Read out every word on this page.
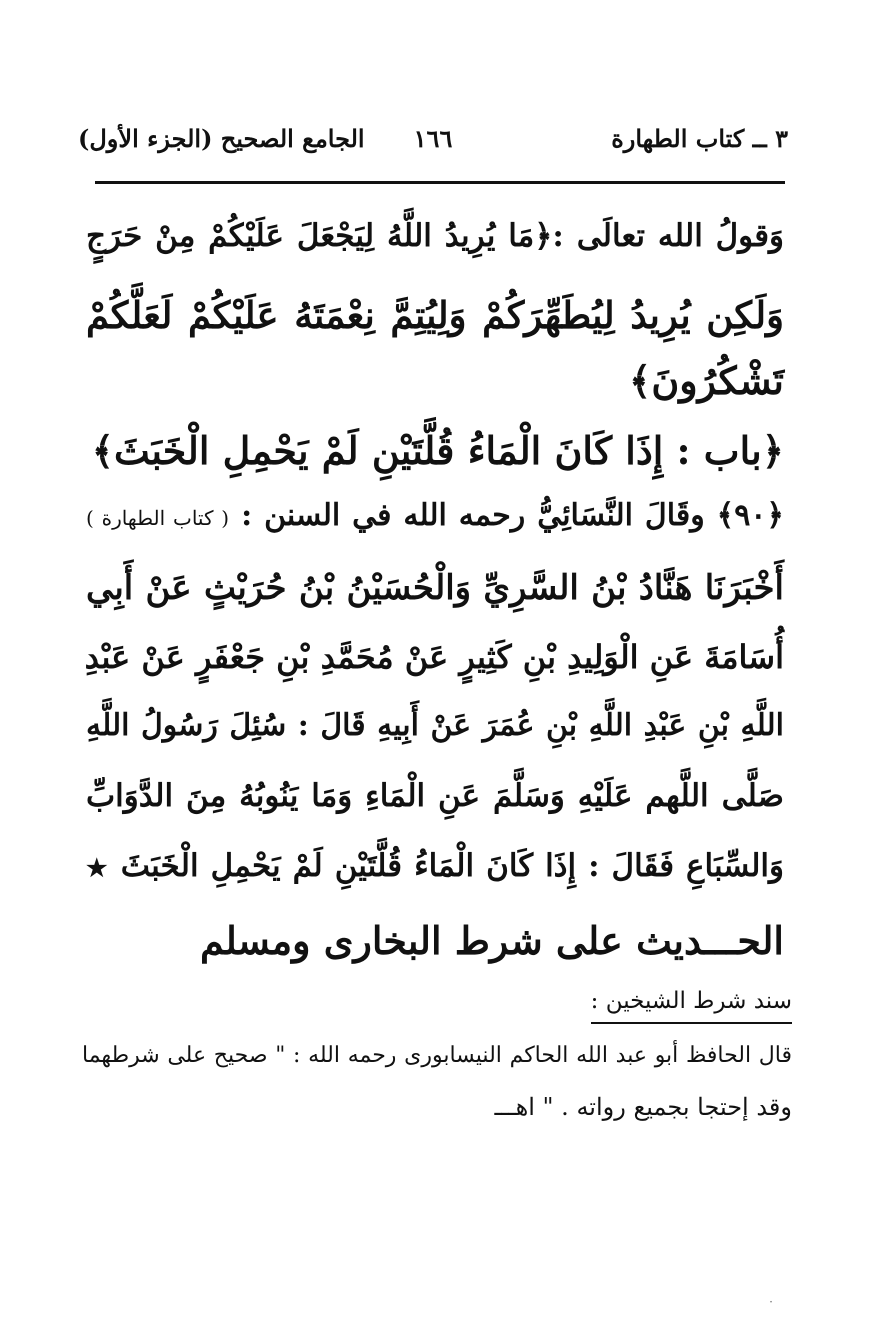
٣ ــ كتاب الطهارة
١٦٦
الجامع الصحيح (الجزء الأول)
وَقولُ الله تعالَى :﴿مَا يُرِيدُ اللَّهُ لِيَجْعَلَ عَلَيْكُمْ مِنْ حَرَجٍ
وَلَكِن يُرِيدُ لِيُطَهِّرَكُمْ وَلِيُتِمَّ نِعْمَتَهُ عَلَيْكُمْ لَعَلَّكُمْ
تَشْكُرُونَ﴾
﴿باب : إِذَا كَانَ الْمَاءُ قُلَّتَيْنِ لَمْ يَحْمِلِ الْخَبَثَ﴾
﴿٩٠﴾ وقَالَ النَّسَائِيُّ رحمه الله في السنن : ( كتاب الطهارة )
أَخْبَرَنَا هَنَّادُ بْنُ السَّرِيِّ وَالْحُسَيْنُ بْنُ حُرَيْثٍ عَنْ أَبِي
أُسَامَةَ عَنِ الْوَلِيدِ بْنِ كَثِيرٍ عَنْ مُحَمَّدِ بْنِ جَعْفَرٍ عَنْ عَبْدِ
اللَّهِ بْنِ عَبْدِ اللَّهِ بْنِ عُمَرَ عَنْ أَبِيهِ قَالَ : سُئِلَ رَسُولُ اللَّهِ
صَلَّى اللَّهم عَلَيْهِ وَسَلَّمَ عَنِ الْمَاءِ وَمَا يَنُوبُهُ مِنَ الدَّوَابِّ
وَالسِّبَاعِ فَقَالَ : إِذَا كَانَ الْمَاءُ قُلَّتَيْنِ لَمْ يَحْمِلِ الْخَبَثَ ★
الحـــديث على شرط البخارى ومسلم
سند شرط الشيخين :
قال الحافظ أبو عبد الله الحاكم النيسابورى رحمه الله : " صحيح على شرطهما
وقد إحتجا بجميع رواته . " اهـــ
·
